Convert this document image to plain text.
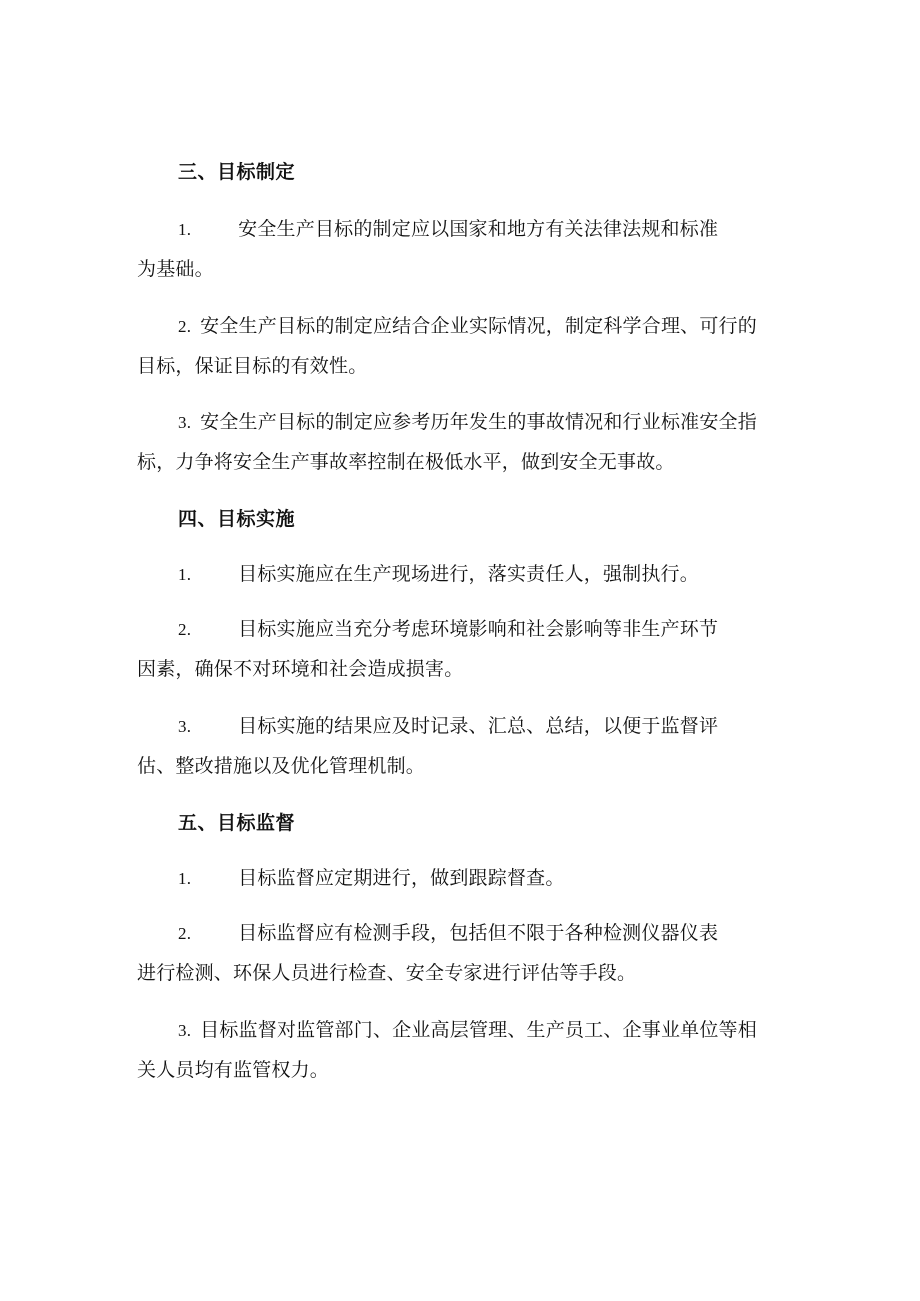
三、目标制定
1. 安全生产目标的制定应以国家和地方有关法律法规和标准
为基础。
2. 安全生产目标的制定应结合企业实际情况，制定科学合理、可行的
目标，保证目标的有效性。
3. 安全生产目标的制定应参考历年发生的事故情况和行业标准安全指
标，力争将安全生产事故率控制在极低水平，做到安全无事故。
四、目标实施
1. 目标实施应在生产现场进行，落实责任人，强制执行。
2. 目标实施应当充分考虑环境影响和社会影响等非生产环节
因素，确保不对环境和社会造成损害。
3. 目标实施的结果应及时记录、汇总、总结，以便于监督评
估、整改措施以及优化管理机制。
五、目标监督
1. 目标监督应定期进行，做到跟踪督查。
2. 目标监督应有检测手段，包括但不限于各种检测仪器仪表
进行检测、环保人员进行检查、安全专家进行评估等手段。
3. 目标监督对监管部门、企业高层管理、生产员工、企事业单位等相
关人员均有监管权力。
